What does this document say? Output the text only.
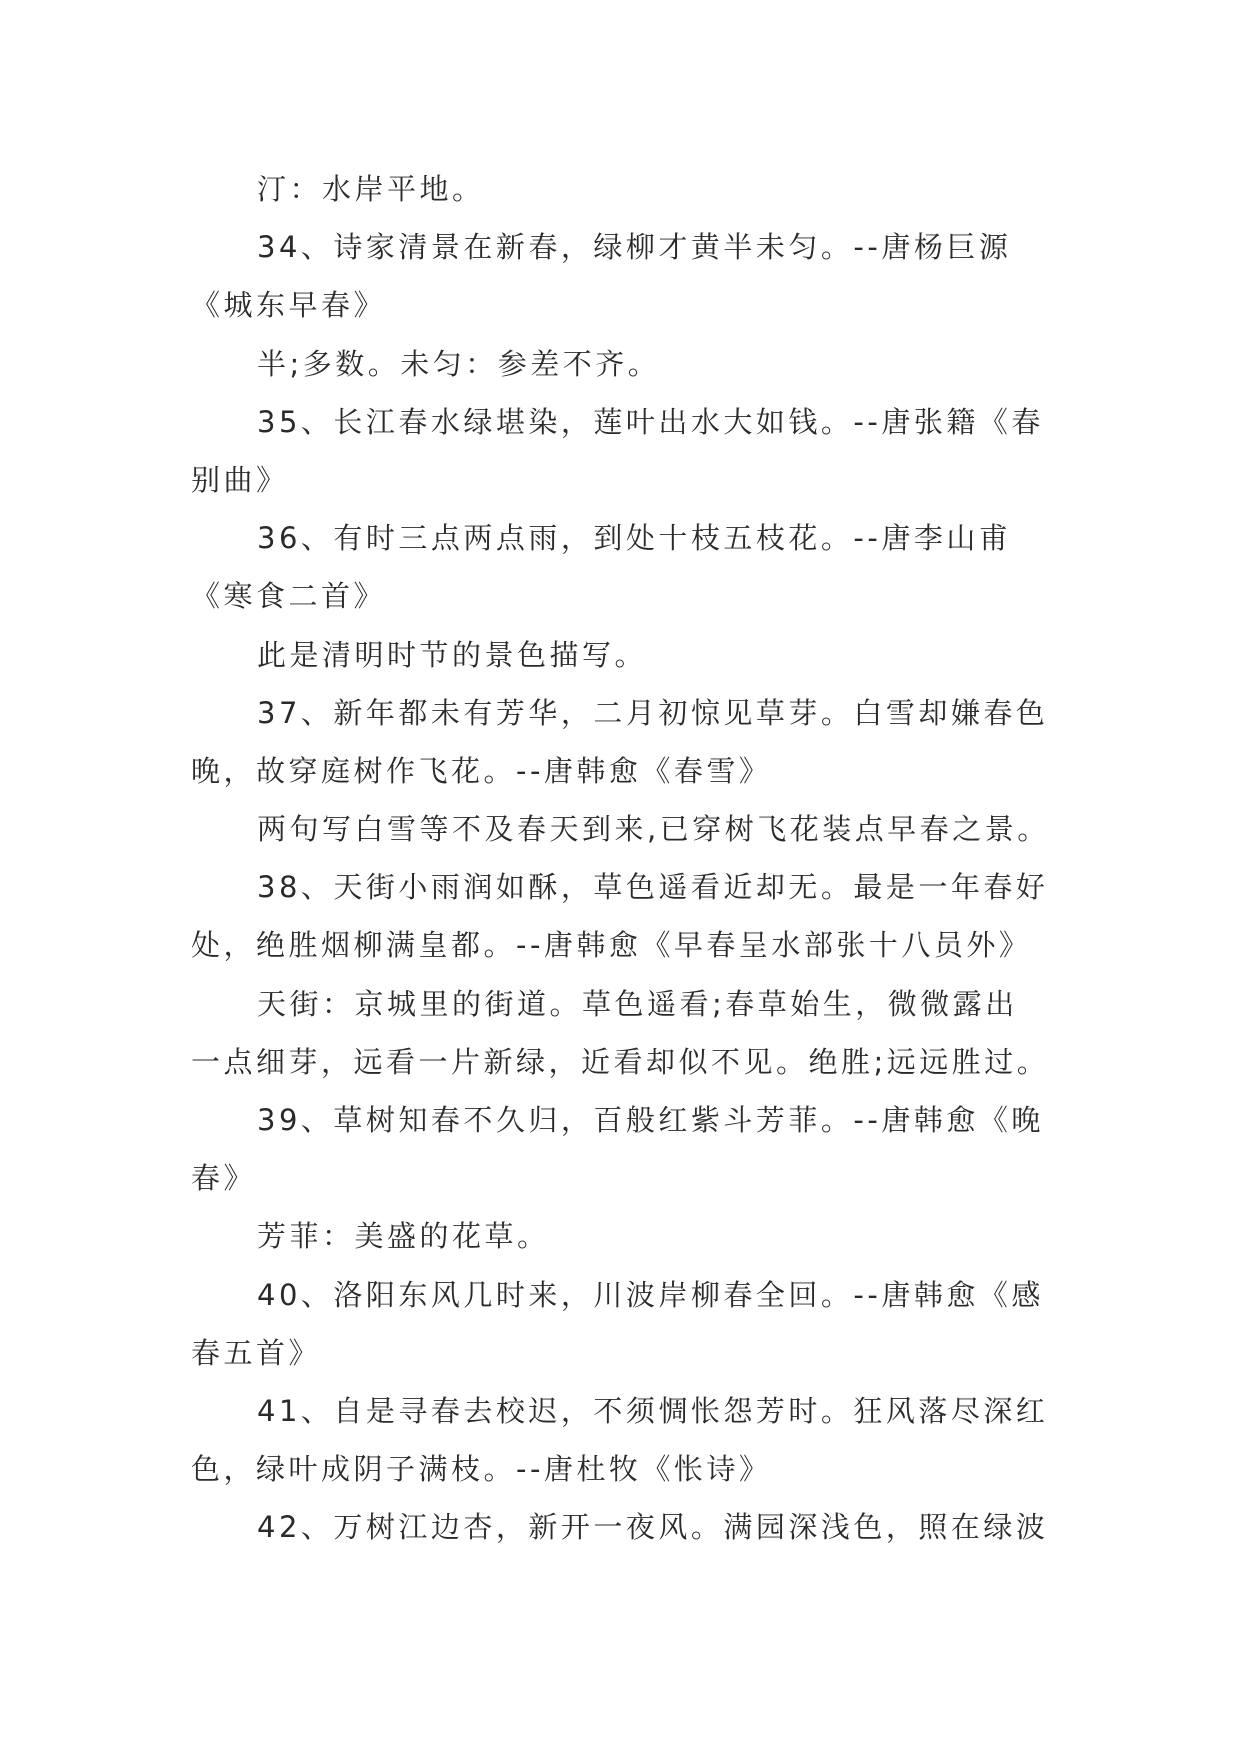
汀：水岸平地。
34、诗家清景在新春，绿柳才黄半未匀。--唐杨巨源
《城东早春》
半;多数。未匀：参差不齐。
35、长江春水绿堪染，莲叶出水大如钱。--唐张籍《春
别曲》
36、有时三点两点雨，到处十枝五枝花。--唐李山甫
《寒食二首》
此是清明时节的景色描写。
37、新年都未有芳华，二月初惊见草芽。白雪却嫌春色
晚，故穿庭树作飞花。--唐韩愈《春雪》
两句写白雪等不及春天到来,已穿树飞花装点早春之景。
38、天街小雨润如酥，草色遥看近却无。最是一年春好
处，绝胜烟柳满皇都。--唐韩愈《早春呈水部张十八员外》
天街：京城里的街道。草色遥看;春草始生，微微露出
一点细芽，远看一片新绿，近看却似不见。绝胜;远远胜过。
39、草树知春不久归，百般红紫斗芳菲。--唐韩愈《晚
春》
芳菲：美盛的花草。
40、洛阳东风几时来，川波岸柳春全回。--唐韩愈《感
春五首》
41、自是寻春去校迟，不须惆怅怨芳时。狂风落尽深红
色，绿叶成阴子满枝。--唐杜牧《怅诗》
42、万树江边杏，新开一夜风。满园深浅色，照在绿波
